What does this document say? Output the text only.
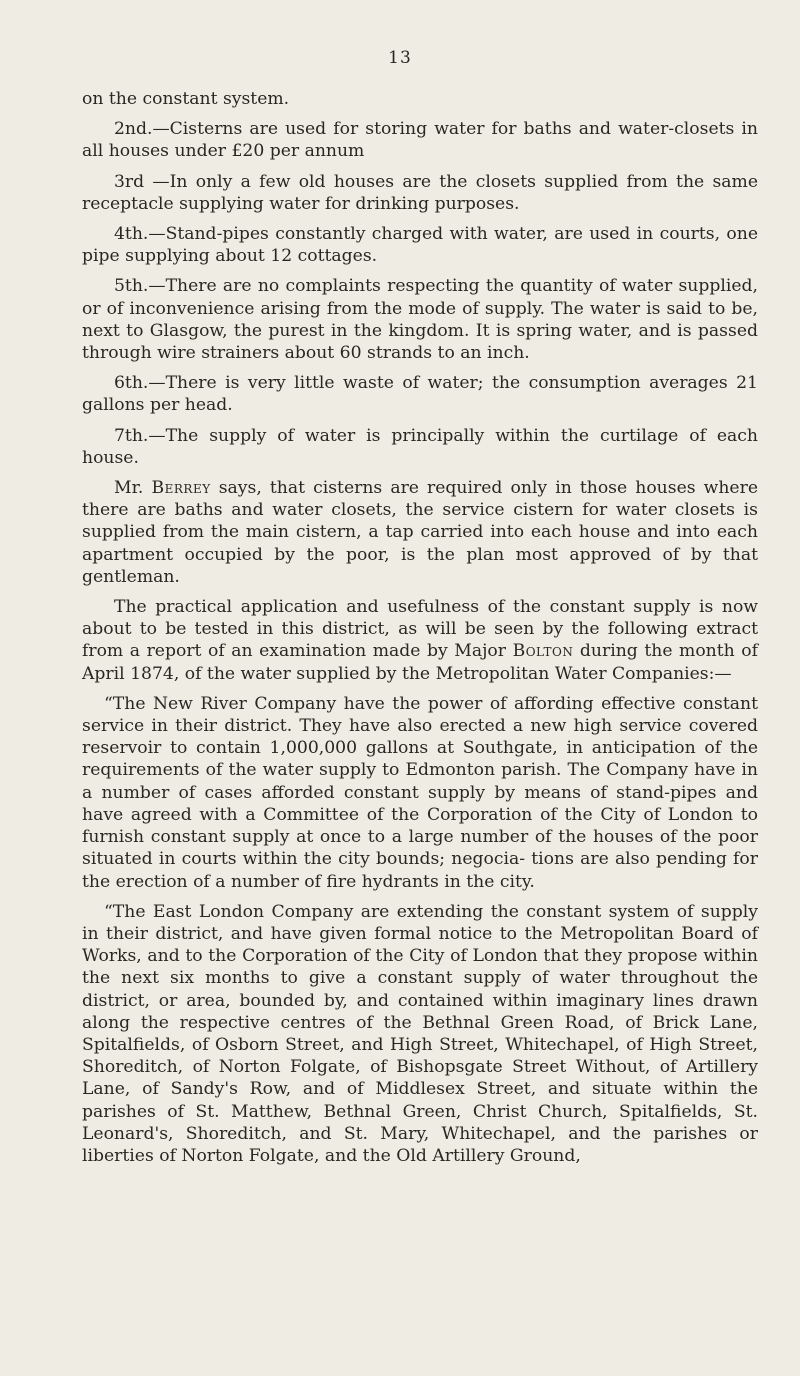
13

on the constant system.

2nd.—Cisterns are used for storing water for baths and water-closets in all houses under £20 per annum

3rd —In only a few old houses are the closets supplied from the same receptacle supplying water for drinking purposes.

4th.—Stand-pipes constantly charged with water, are used in courts, one pipe supplying about 12 cottages.

5th.—There are no complaints respecting the quantity of water supplied, or of inconvenience arising from the mode of supply. The water is said to be, next to Glasgow, the purest in the kingdom. It is spring water, and is passed through wire strainers about 60 strands to an inch.

6th.—There is very little waste of water; the consumption averages 21 gallons per head.

7th.—The supply of water is principally within the curtilage of each house.

Mr. Berrey says, that cisterns are required only in those houses where there are baths and water closets, the service cistern for water closets is supplied from the main cistern, a tap carried into each house and into each apartment occupied by the poor, is the plan most approved of by that gentleman.

The practical application and usefulness of the constant supply is now about to be tested in this district, as will be seen by the following extract from a report of an examination made by Major Bolton during the month of April 1874, of the water supplied by the Metropolitan Water Companies:—

“The New River Company have the power of affording effective constant service in their district. They have also erected a new high service covered reservoir to contain 1,000,000 gallons at Southgate, in anticipation of the requirements of the water supply to Edmonton parish. The Company have in a number of cases afforded constant supply by means of stand-pipes and have agreed with a Committee of the Corporation of the City of London to furnish constant supply at once to a large number of the houses of the poor situated in courts within the city bounds; negocia- tions are also pending for the erection of a number of fire hydrants in the city.

“The East London Company are extending the constant system of supply in their district, and have given formal notice to the Metropolitan Board of Works, and to the Corporation of the City of London that they propose within the next six months to give a constant supply of water throughout the district, or area, bounded by, and contained within imaginary lines drawn along the respective centres of the Bethnal Green Road, of Brick Lane, Spitalfields, of Osborn Street, and High Street, Whitechapel, of High Street, Shoreditch, of Norton Folgate, of Bishopsgate Street Without, of Artillery Lane, of Sandy's Row, and of Middlesex Street, and situate within the parishes of St. Matthew, Bethnal Green, Christ Church, Spitalfields, St. Leonard's, Shoreditch, and St. Mary, Whitechapel, and the parishes or liberties of Norton Folgate, and the Old Artillery Ground,
